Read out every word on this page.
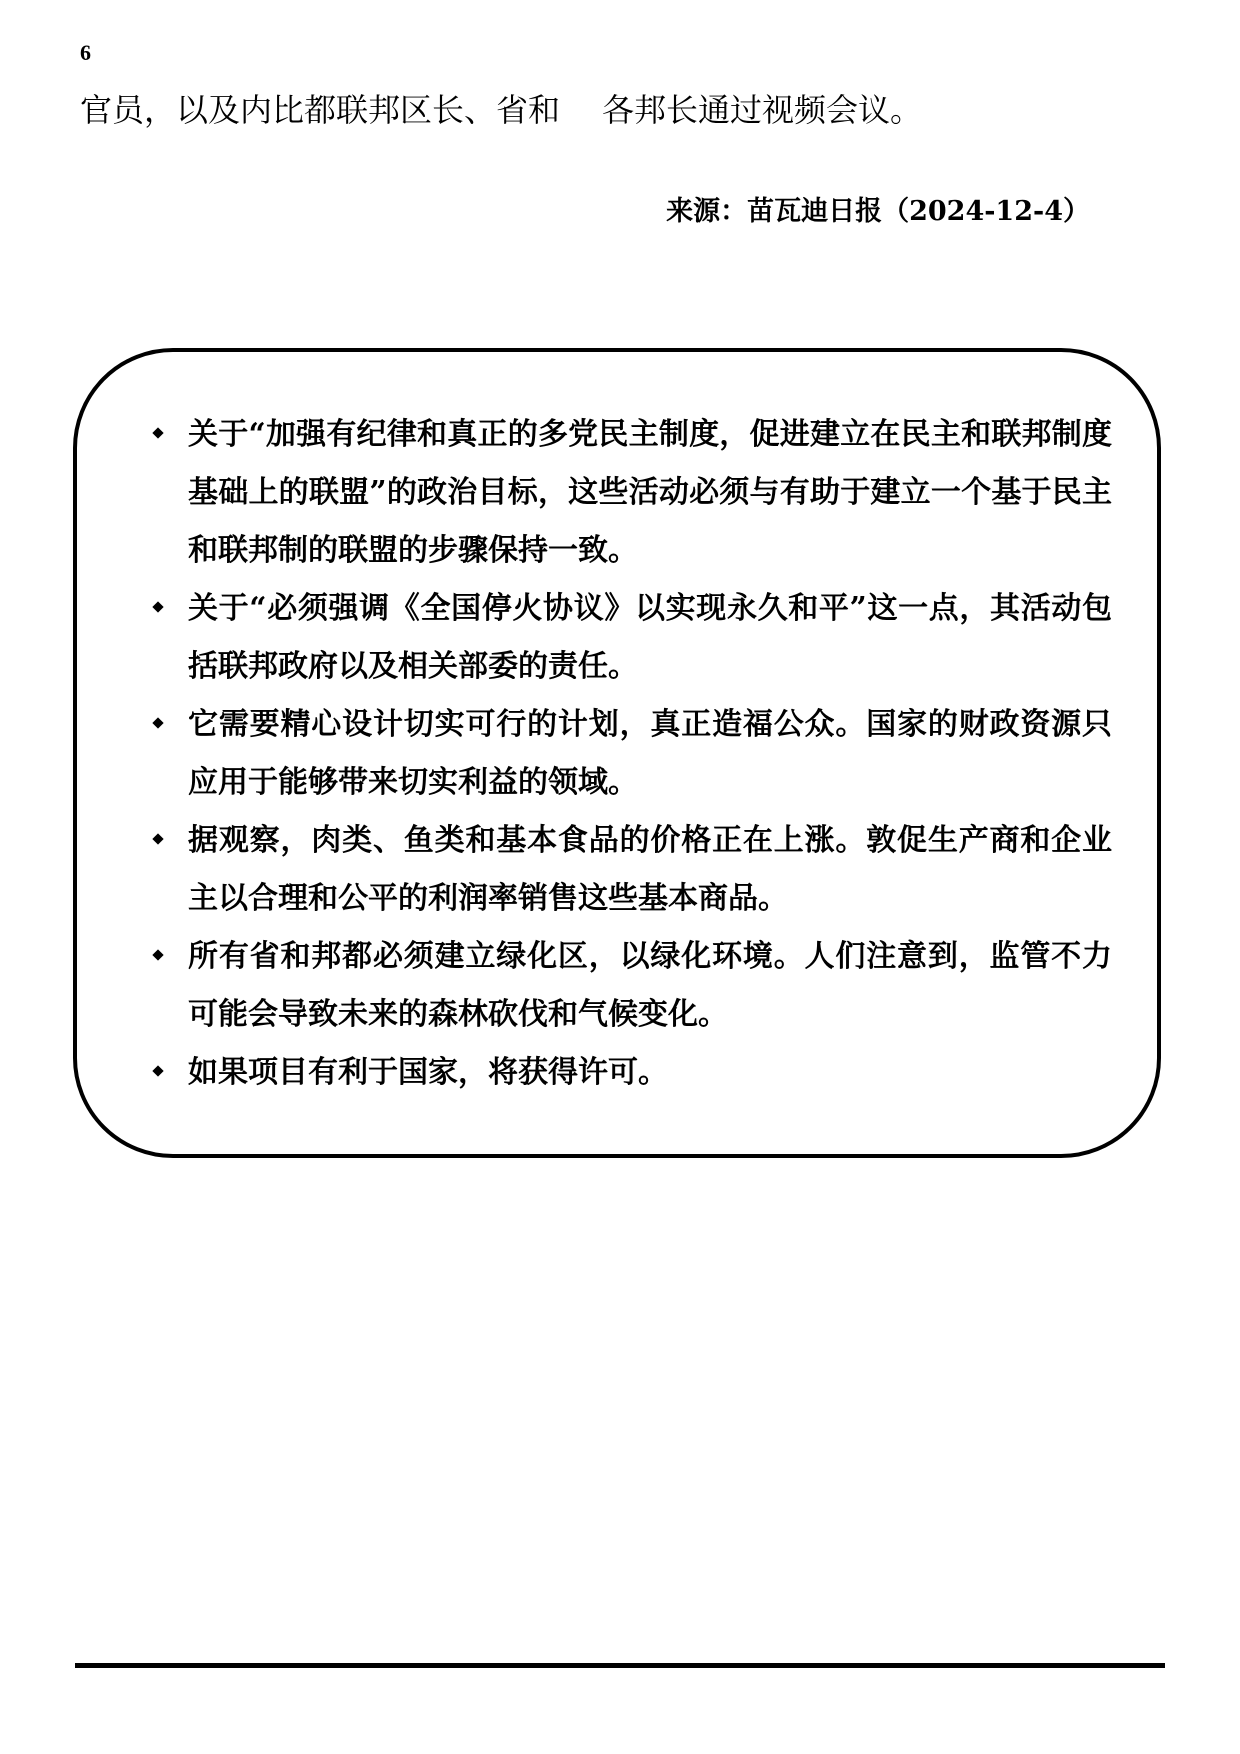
6
官员，以及内比都联邦区长、省和 各邦长通过视频会议。
来源：苗瓦迪日报（2024-12-4）
关于“加强有纪律和真正的多党民主制度，促进建立在民主和联邦制度基础上的联盟”的政治目标，这些活动必须与有助于建立一个基于民主和联邦制的联盟的步骤保持一致。
关于“必须强调《全国停火协议》以实现永久和平”这一点，其活动包括联邦政府以及相关部委的责任。
它需要精心设计切实可行的计划，真正造福公众。国家的财政资源只应用于能够带来切实利益的领域。
据观察，肉类、鱼类和基本食品的价格正在上涨。敦促生产商和企业主以合理和公平的利润率销售这些基本商品。
所有省和邦都必须建立绿化区，以绿化环境。人们注意到，监管不力可能会导致未来的森林砍伐和气候变化。
如果项目有利于国家，将获得许可。
